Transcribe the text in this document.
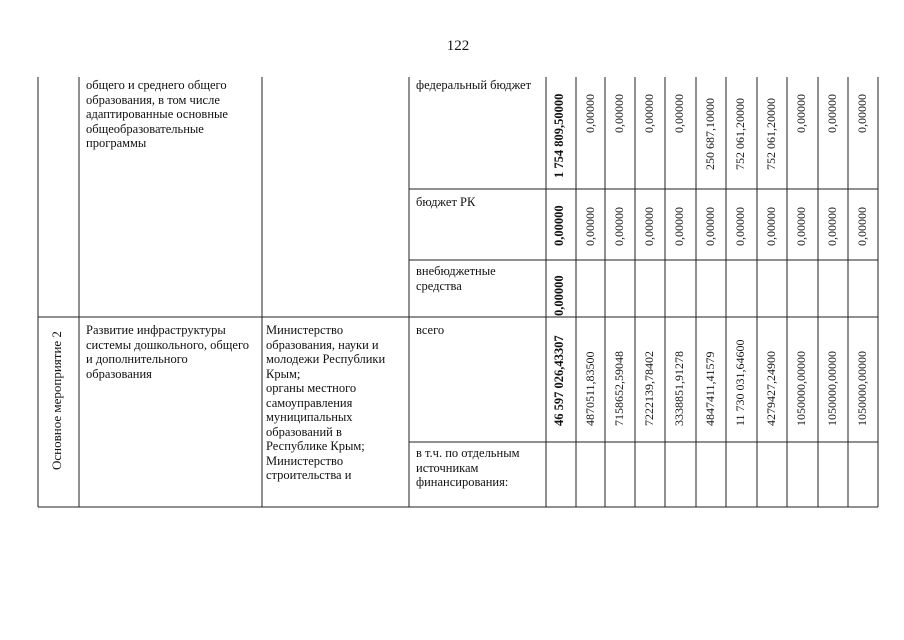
122
Основное мероприятие 2
общего и среднего общего
образования, в том числе
адаптированные основные
общеобразовательные
программы
федеральный бюджет
1 754 809,50000 0,00000 0,00000 0,00000 0,00000 250 687,10000 752 061,20000 752 061,20000 0,00000 0,00000 0,00000
бюджет РК
0,00000 0,00000 0,00000 0,00000 0,00000 0,00000 0,00000 0,00000 0,00000 0,00000 0,00000
внебюджетные
средства	0,00000
Развитие инфраструктуры
системы дошкольного, общего
и дополнительного
образования
Министерство
образования, науки и
молодежи Республики
Крым;
органы местного
самоуправления
муниципальных
образований в
Республике Крым;
Министерство
строительства и
всего
46 597 026,43307 4870511,83500 7158652,59048 7222139,78402 3338851,91278 4847411,41579 11 730 031,64600 4279427,24900 1050000,00000 1050000,00000 1050000,00000
в т.ч. по отдельным
источникам
финансирования:
